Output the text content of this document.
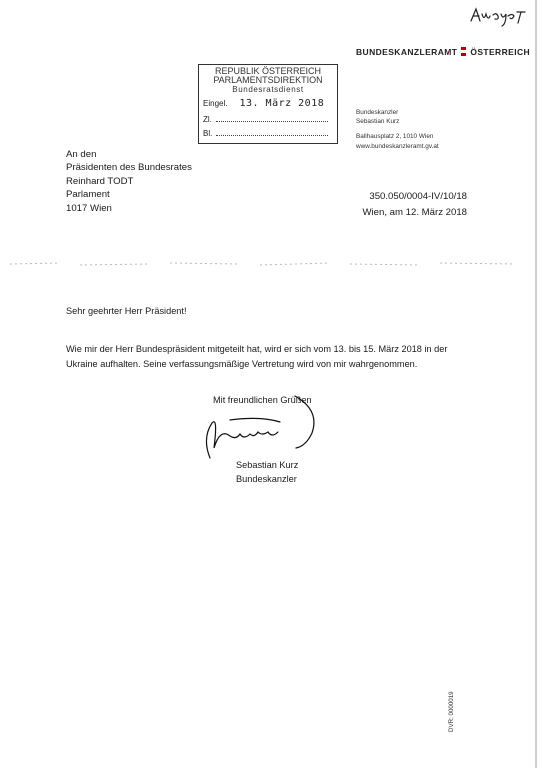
BUNDESKANZLERAMT ÖSTERREICH
REPUBLIK ÖSTERREICH
PARLAMENTSDIREKTION
Bundesratsdienst
Eingel. 13. März 2018
Zl.
Bl.
Bundeskanzler
Sebastian Kurz
Ballhausplatz 2, 1010 Wien
www.bundeskanzleramt.gv.at
An den
Präsidenten des Bundesrates
Reinhard TODT
Parlament
1017 Wien
350.050/0004-IV/10/18
Wien, am 12. März 2018
Sehr geehrter Herr Präsident!
Wie mir der Herr Bundespräsident mitgeteilt hat, wird er sich vom 13. bis 15. März 2018 in der Ukraine aufhalten. Seine verfassungsmäßige Vertretung wird von mir wahrgenommen.
Mit freundlichen Grüßen
Sebastian Kurz
Bundeskanzler
DVR: 0000019
